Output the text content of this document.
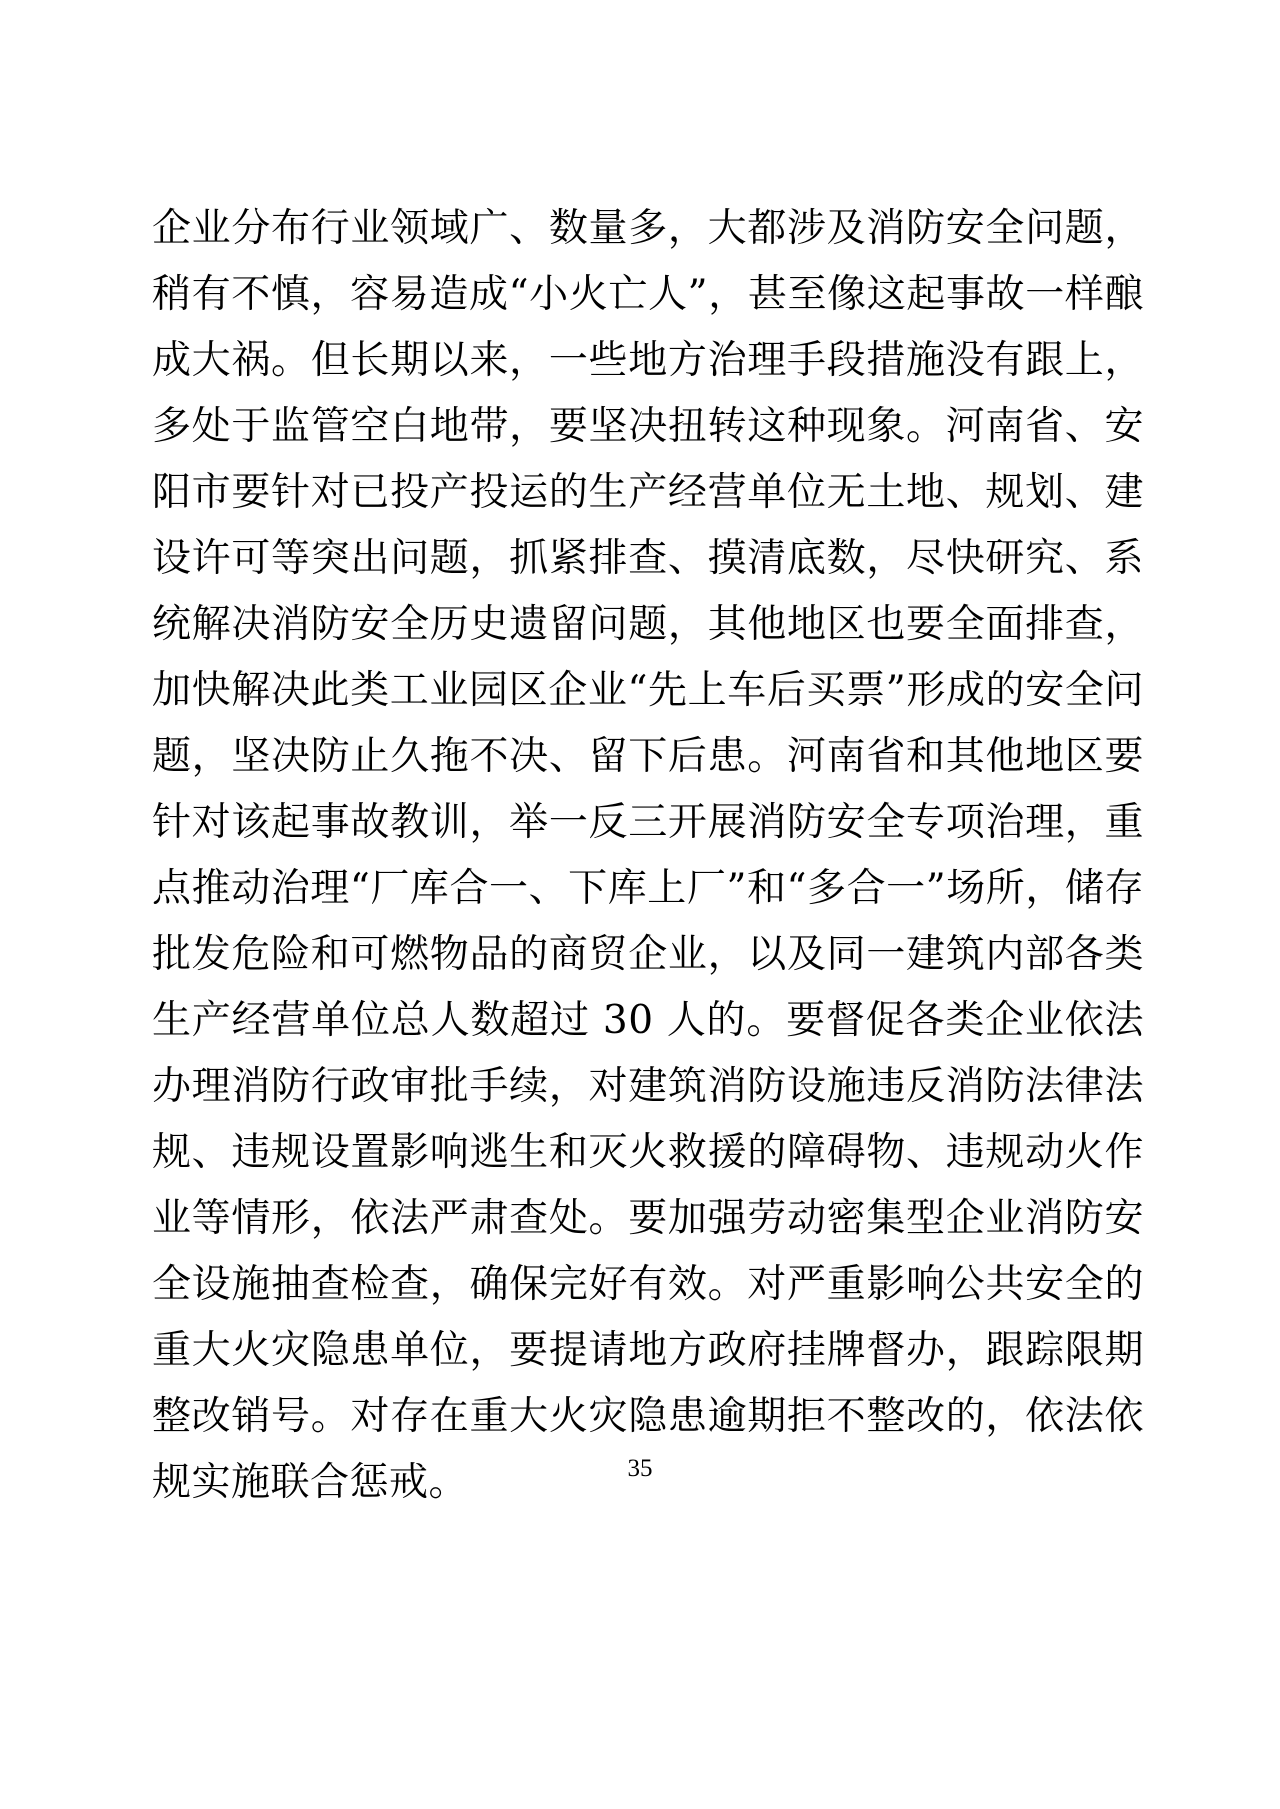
企业分布行业领域广、数量多，大都涉及消防安全问题，稍有不慎，容易造成“小火亡人”，甚至像这起事故一样酿成大祸。但长期以来，一些地方治理手段措施没有跟上，多处于监管空白地带，要坚决扭转这种现象。河南省、安阳市要针对已投产投运的生产经营单位无土地、规划、建设许可等突出问题，抓紧排查、摸清底数，尽快研究、系统解决消防安全历史遗留问题，其他地区也要全面排查，加快解决此类工业园区企业“先上车后买票”形成的安全问题，坚决防止久拖不决、留下后患。河南省和其他地区要针对该起事故教训，举一反三开展消防安全专项治理，重点推动治理“厂库合一、下库上厂”和“多合一”场所，储存批发危险和可燃物品的商贸企业，以及同一建筑内部各类生产经营单位总人数超过 30 人的。要督促各类企业依法办理消防行政审批手续，对建筑消防设施违反消防法律法规、违规设置影响逃生和灭火救援的障碍物、违规动火作业等情形，依法严肃查处。要加强劳动密集型企业消防安全设施抽查检查，确保完好有效。对严重影响公共安全的重大火灾隐患单位，要提请地方政府挂牌督办，跟踪限期整改销号。对存在重大火灾隐患逾期拒不整改的，依法依规实施联合惩戒。	35
